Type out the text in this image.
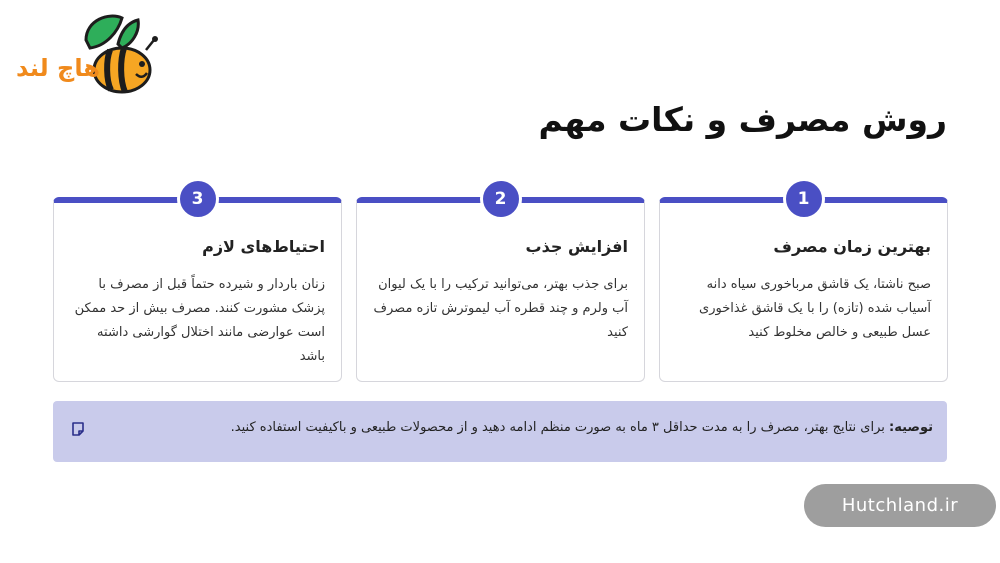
هاچ لند
روش مصرف و نکات مهم
1
بهترین زمان مصرف
صبح ناشتا، یک قاشق مرباخوری سیاه دانه آسیاب شده (تازه) را با یک قاشق غذاخوری عسل طبیعی و خالص مخلوط کنید
2
افزایش جذب
برای جذب بهتر، می‌توانید ترکیب را با یک لیوان آب ولرم و چند قطره آب لیموترش تازه مصرف کنید
3
احتیاط‌های لازم
زنان باردار و شیرده حتماً قبل از مصرف با پزشک مشورت کنند. مصرف بیش از حد ممکن است عوارضی مانند اختلال گوارشی داشته باشد
توصیه: برای نتایج بهتر، مصرف را به مدت حداقل ۳ ماه به صورت منظم ادامه دهید و از محصولات طبیعی و باکیفیت استفاده کنید.
Hutchland.ir
